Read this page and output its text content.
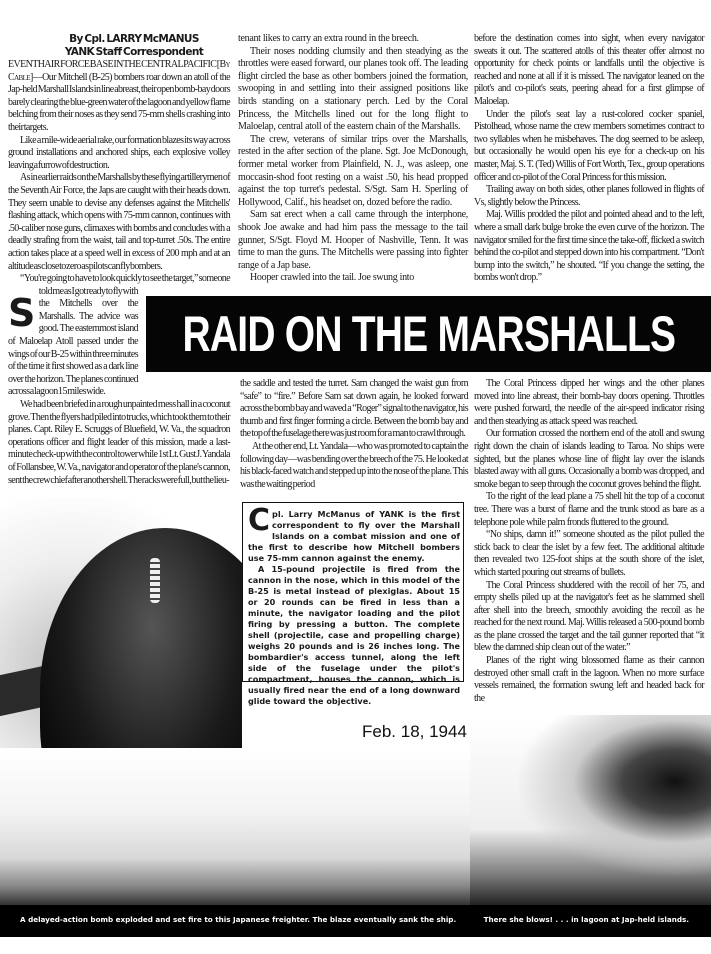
By Cpl. LARRY McMANUS
YANK Staff Correspondent

S
EVENTH AIR FORCE BASE IN THE CENTRAL PACIFIC [By Cable]—Our Mitchell (B-25) bombers roar down an atoll of the Jap-held Marshall Islands in line abreast, their open bomb-bay doors barely clearing the blue-green water of the lagoon and yellow flame belching from their noses as they send 75-mm shells crashing into their targets.

Like a mile-wide aerial rake, our formation blazes its way across ground installations and anchored ships, each explosive volley leaving a furrow of destruction.

As in earlier raids on the Marshalls by these flying artillerymen of the Seventh Air Force, the Japs are caught with their heads down. They seem unable to devise any defenses against the Mitchells' flashing attack, which opens with 75-mm cannon, continues with .50-caliber nose guns, climaxes with bombs and concludes with a deadly strafing from the waist, tail and top-turret .50s. The entire action takes place at a speed well in excess of 200 mph and at an altitude as close to zero as pilots can fly bombers.

“You're going to have to look quickly to see the target,” someone told me as I got ready to fly with the Mitchells over the Marshalls. The advice was good. The easternmost island of Maloelap Atoll passed under the wings of our B-25 within three minutes of the time it first showed as a dark line over the horizon. The planes continued across a lagoon 15 miles wide.

We had been briefed in a rough unpainted mess hall in a coconut grove. Then the flyers had piled into trucks, which took them to their planes. Capt. Riley E. Scruggs of Bluefield, W. Va., the squadron operations officer and flight leader of this mission, made a last-minute check-up with the control tower while 1st Lt. Gust J. Yandala of Follansbee, W. Va., navigator and operator of the plane's cannon, sent the crew chief after another shell. The racks were full, but the lieu-

tenant likes to carry an extra round in the breech.

Their noses nodding clumsily and then steadying as the throttles were eased forward, our planes took off. The leading flight circled the base as other bombers joined the formation, swooping in and settling into their assigned positions like birds standing on a stationary perch. Led by the Coral Princess, the Mitchells lined out for the long flight to Maloelap, central atoll of the eastern chain of the Marshalls.

The crew, veterans of similar trips over the Marshalls, rested in the after section of the plane. Sgt. Joe McDonough, former metal worker from Plainfield, N. J., was asleep, one moccasin-shod foot resting on a waist .50, his head propped against the top turret's pedestal. S/Sgt. Sam H. Sperling of Hollywood, Calif., his headset on, dozed before the radio.

Sam sat erect when a call came through the interphone, shook Joe awake and had him pass the message to the tail gunner, S/Sgt. Floyd M. Hooper of Nashville, Tenn. It was time to man the guns. The Mitchells were passing into fighter range of a Jap base.

Hooper crawled into the tail. Joe swung into

before the destination comes into sight, when every navigator sweats it out. The scattered atolls of this theater offer almost no opportunity for check points or landfalls until the objective is reached and none at all if it is missed. The navigator leaned on the pilot's and co-pilot's seats, peering ahead for a first glimpse of Maloelap.

Under the pilot's seat lay a rust-colored cocker spaniel, Pistolhead, whose name the crew members sometimes contract to two syllables when he misbehaves. The dog seemed to be asleep, but occasionally he would open his eye for a check-up on his master, Maj. S. T. (Ted) Willis of Fort Worth, Tex., group operations officer and co-pilot of the Coral Princess for this mission.

Trailing away on both sides, other planes followed in flights of Vs, slightly below the Princess.

Maj. Willis prodded the pilot and pointed ahead and to the left, where a small dark bulge broke the even curve of the horizon. The navigator smiled for the first time since the take-off, flicked a switch behind the co-pilot and stepped down into his compartment. “Don't bump into the switch,” he shouted. “If you change the setting, the bombs won't drop.”

RAID ON THE MARSHALLS

the saddle and tested the turret. Sam changed the waist gun from “safe” to “fire.” Before Sam sat down again, he looked forward across the bomb bay and waved a “Roger” signal to the navigator, his thumb and first finger forming a circle. Between the bomb bay and the top of the fuselage there was just room for a man to crawl through.

At the other end, Lt. Yandala—who was promoted to captain the following day—was bending over the breech of the 75. He looked at his black-faced watch and stepped up into the nose of the plane. This was the waiting period

The Coral Princess dipped her wings and the other planes moved into line abreast, their bomb-bay doors opening. Throttles were pushed forward, the needle of the air-speed indicator rising and then steadying as attack speed was reached.

Our formation crossed the northern end of the atoll and swung right down the chain of islands leading to Taroa. No ships were sighted, but the planes whose line of flight lay over the islands blasted away with all guns. Occasionally a bomb was dropped, and smoke began to seep through the coconut groves behind the flight.

To the right of the lead plane a 75 shell hit the top of a coconut tree. There was a burst of flame and the trunk stood as bare as a telephone pole while palm fronds fluttered to the ground.

“No ships, damn it!” someone shouted as the pilot pulled the stick back to clear the islet by a few feet. The additional altitude then revealed two 125-foot ships at the south shore of the islet, which started pouring out streams of bullets.

The Coral Princess shuddered with the recoil of her 75, and empty shells piled up at the navigator's feet as he slammed shell after shell into the breech, smoothly avoiding the recoil as he reached for the next round. Maj. Willis released a 500-pound bomb as the plane crossed the target and the tail gunner reported that “it blew the damned ship clean out of the water.”

Planes of the right wing blossomed flame as their cannon destroyed other small craft in the lagoon. When no more surface vessels remained, the formation swung left and headed back for the

Cpl. Larry McManus of YANK is the first correspondent to fly over the Marshall Islands on a combat mission and one of the first to describe how Mitchell bombers use 75-mm cannon against the enemy.

A 15-pound projectile is fired from the cannon in the nose, which in this model of the B-25 is metal instead of plexiglas. About 15 or 20 rounds can be fired in less than a minute, the navigator loading and the pilot firing by pressing a button. The complete shell (projectile, case and propelling charge) weighs 20 pounds and is 26 inches long. The bombardier's access tunnel, along the left side of the fuselage under the pilot's compartment, houses the cannon, which is usually fired near the end of a long downward glide toward the objective.

Feb. 18, 1944
A delayed-action bomb exploded and set fire to this Japanese freighter. The blaze eventually sank the ship.	There she blows! . . . in lagoon at Jap-held islands.
